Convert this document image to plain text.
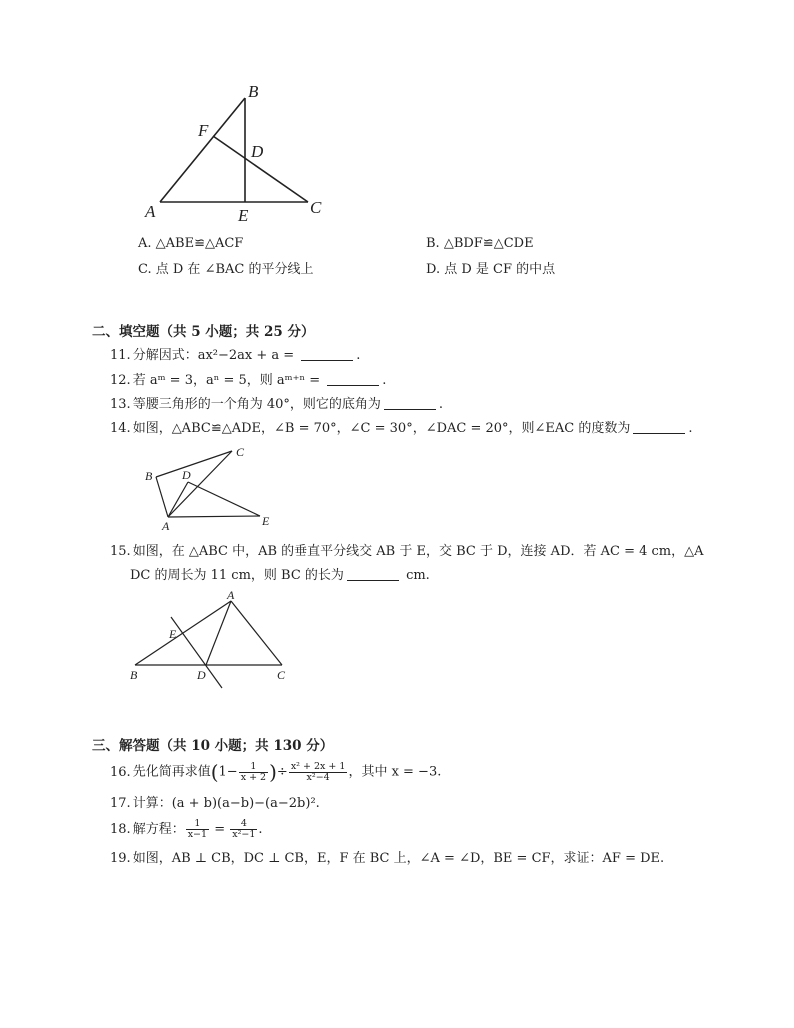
A
B
C
D
E
F
A. △ABE≌△ACF	B. △BDF≌△CDE
C. 点 D 在 ∠BAC 的平分线上	D. 点 D 是 CF 的中点
二、填空题（共 5 小题；共 25 分）
11. 分解因式：ax²−2ax + a =	.
12. 若 aᵐ = 3，aⁿ = 5，则 aᵐ⁺ⁿ =	.
13. 等腰三角形的一个角为 40°，则它的底角为	.
14. 如图，△ABC≌△ADE，∠B = 70°，∠C = 30°，∠DAC = 20°，则∠EAC 的度数为	.
A
B
C
D
E
15. 如图，在 △ABC 中，AB 的垂直平分线交 AB 于 E，交 BC 于 D，连接 AD．若 AC = 4 cm，△A
DC 的周长为 11 cm，则 BC 的长为	cm.
A
B	C
D
E
三、解答题（共 10 小题；共 130 分）
16. 先化简再求值($1- \frac{1}{x + 2}$ )÷ $\frac{\text{x² + 2x + 1}}{\text{x²−4}}$ ，其中 x = −3.
17. 计算：(a + b)(a−b)−(a−2b)².
18. 解方程： $\frac{1}{x-1} = \frac{4}{\text{x²−1}}$ .
19. 如图，AB ⊥ CB，DC ⊥ CB，E，F 在 BC 上，∠A = ∠D，BE = CF，求证：AF = DE.
